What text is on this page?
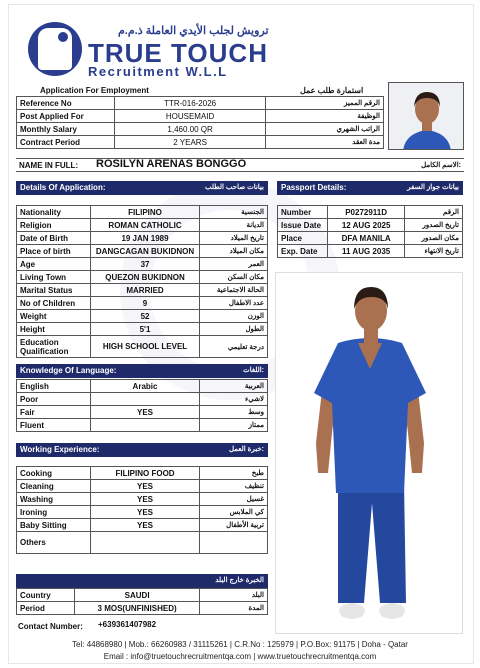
ترويش لجلب الأيدي العاملة ذ.م.م
TRUE TOUCH
Recruitment W.L.L
Application For Employment	استمارة طلب عمل
Reference No	TTR-016-2026	الرقم المميز
Post Applied For	HOUSEMAID	الوظيفة
Monthly Salary	1,460.00 QR	الراتب الشهري
Contract Period	2 YEARS	مدة العقد
NAME IN FULL: ROSILYN ARENAS BONGGO	الاسم الكامل:
Details Of Application:	بيانات صاحب الطلب Passport Details:	بيانات جواز السفر
Nationality	FILIPINO	الجنسية
Religion	ROMAN CATHOLIC	الديانة
Date of Birth	19 JAN 1989	تاريخ الميلاد
Place of birth	DANGCAGAN BUKIDNON	مكان الميلاد
Age	37	العمر
Living Town	QUEZON BUKIDNON	مكان السكن
Marital Status	MARRIED	الحالة الاجتماعية
No of Children	9	عدد الاطفال
Weight	52	الوزن
Height	5'1	الطول
Education Qualification	HIGH SCHOOL LEVEL	درجة تعليمي
Number	P0272911D	الرقم
Issue Date	12 AUG 2025	تاريخ الصدور
Place	DFA MANILA	مكان الصدور
Exp. Date	11 AUG 2035	تاريخ الانتهاء
Knowledge Of Language:	اللغات:
English	Arabic	العربية
Poor		لاشيء
Fair	YES	وسط
Fluent		ممتاز
Working Experience:	خبرة العمل:
Cooking	FILIPINO FOOD	طبخ
Cleaning	YES	تنظيف
Washing	YES	غسيل
Ironing	YES	كي الملابس
Baby Sitting	YES	تربية الأطفال
Others		
الخبرة خارج البلد
Country	SAUDI	البلد
Period	3 MOS(UNFINISHED)	المدة
Contact Number: +639361407982
Tel: 44868980 | Mob.: 66260983 / 31115261 | C.R.No : 125979 | P.O.Box: 91175 | Doha - Qatar
Email : info@truetouchrecruitmentqa.com | www.truetouchrecruitmentqa.com
